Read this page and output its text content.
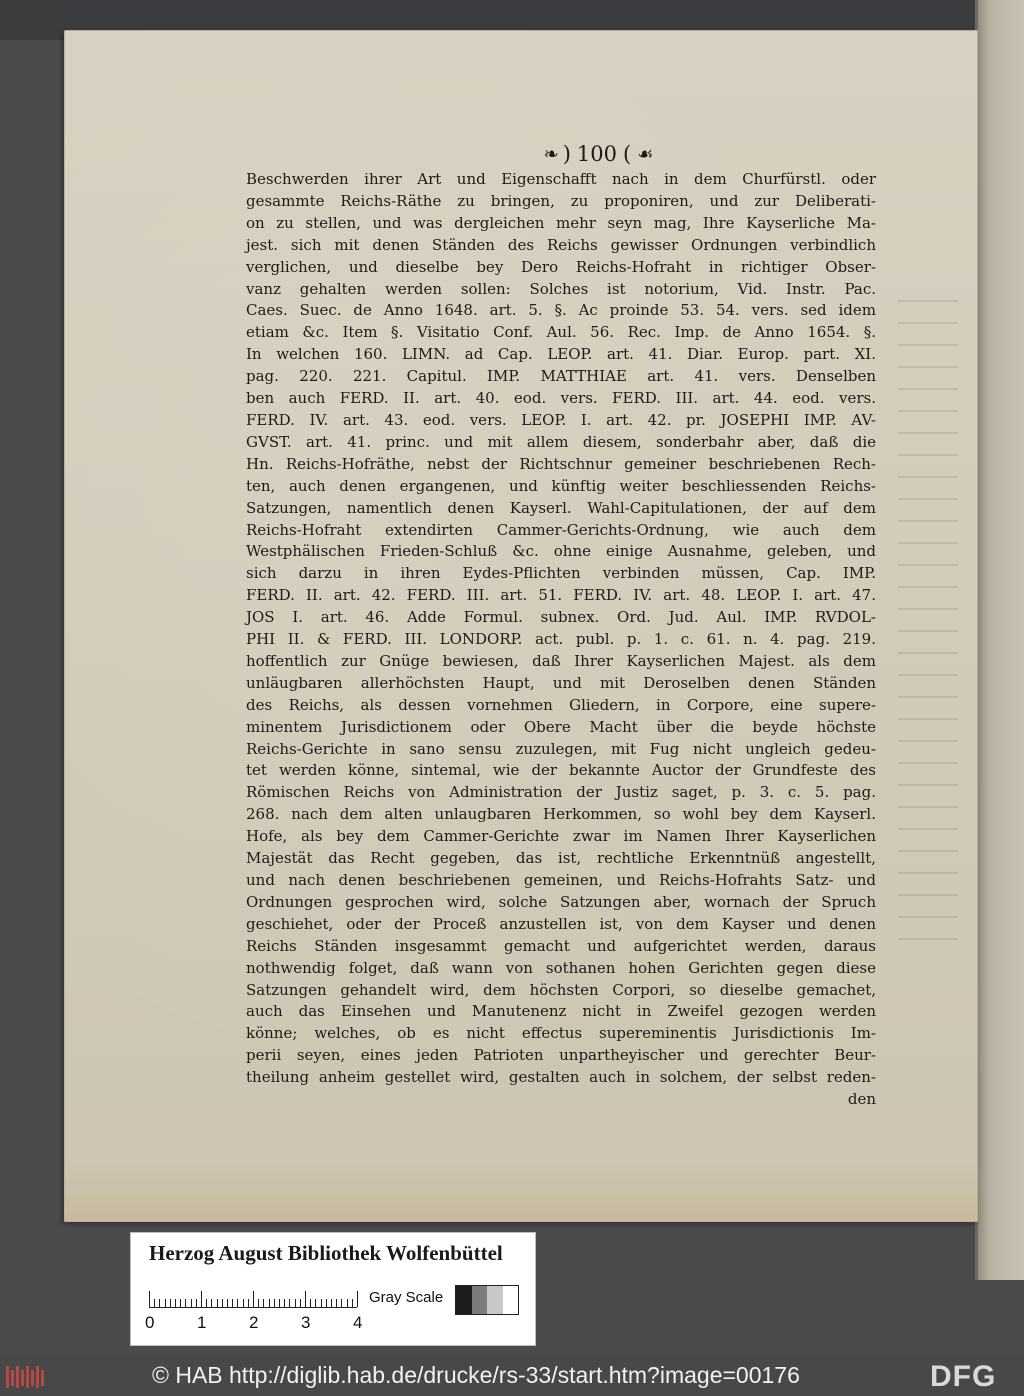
❧ ) 100 ( ☙
Beschwerden ihrer Art und Eigenschafft nach in dem Churfürstl. oder
gesammte Reichs-Räthe zu bringen, zu proponiren, und zur Deliberati-
on zu stellen, und was dergleichen mehr seyn mag, Ihre Kayserliche Ma-
jest. sich mit denen Ständen des Reichs gewisser Ordnungen verbindlich
verglichen, und dieselbe bey Dero Reichs-Hofraht in richtiger Obser-
vanz gehalten werden sollen: Solches ist notorium, Vid. Instr. Pac.
Caes. Suec. de Anno 1648. art. 5. §. Ac proinde 53. 54. vers. sed idem
etiam &c. Item §. Visitatio Conf. Aul. 56. Rec. Imp. de Anno 1654. §.
In welchen 160. LIMN. ad Cap. LEOP. art. 41. Diar. Europ. part. XI.
pag. 220. 221. Capitul. IMP. MATTHIAE art. 41. vers. Denselben
ben auch FERD. II. art. 40. eod. vers. FERD. III. art. 44. eod. vers.
FERD. IV. art. 43. eod. vers. LEOP. I. art. 42. pr. JOSEPHI IMP. AV-
GVST. art. 41. princ. und mit allem diesem, sonderbahr aber, daß die
Hn. Reichs-Hofräthe, nebst der Richtschnur gemeiner beschriebenen Rech-
ten, auch denen ergangenen, und künftig weiter beschliessenden Reichs-
Satzungen, namentlich denen Kayserl. Wahl-Capitulationen, der auf dem
Reichs-Hofraht extendirten Cammer-Gerichts-Ordnung, wie auch dem
Westphälischen Frieden-Schluß &c. ohne einige Ausnahme, geleben, und
sich darzu in ihren Eydes-Pflichten verbinden müssen, Cap. IMP.
FERD. II. art. 42. FERD. III. art. 51. FERD. IV. art. 48. LEOP. I. art. 47.
JOS I. art. 46. Adde Formul. subnex. Ord. Jud. Aul. IMP. RVDOL-
PHI II. & FERD. III. LONDORP. act. publ. p. 1. c. 61. n. 4. pag. 219.
hoffentlich zur Gnüge bewiesen, daß Ihrer Kayserlichen Majest. als dem
unläugbaren allerhöchsten Haupt, und mit Deroselben denen Ständen
des Reichs, als dessen vornehmen Gliedern, in Corpore, eine supere-
minentem Jurisdictionem oder Obere Macht über die beyde höchste
Reichs-Gerichte in sano sensu zuzulegen, mit Fug nicht ungleich gedeu-
tet werden könne, sintemal, wie der bekannte Auctor der Grundfeste des
Römischen Reichs von Administration der Justiz saget, p. 3. c. 5. pag.
268. nach dem alten unlaugbaren Herkommen, so wohl bey dem Kayserl.
Hofe, als bey dem Cammer-Gerichte zwar im Namen Ihrer Kayserlichen
Majestät das Recht gegeben, das ist, rechtliche Erkenntnüß angestellt,
und nach denen beschriebenen gemeinen, und Reichs-Hofrahts Satz- und
Ordnungen gesprochen wird, solche Satzungen aber, wornach der Spruch
geschiehet, oder der Proceß anzustellen ist, von dem Kayser und denen
Reichs Ständen insgesammt gemacht und aufgerichtet werden, daraus
nothwendig folget, daß wann von sothanen hohen Gerichten gegen diese
Satzungen gehandelt wird, dem höchsten Corpori, so dieselbe gemachet,
auch das Einsehen und Manutenenz nicht in Zweifel gezogen werden
könne; welches, ob es nicht effectus supereminentis Jurisdictionis Im-
perii seyen, eines jeden Patrioten unpartheyischer und gerechter Beur-
theilung anheim gestellet wird, gestalten auch in solchem, der selbst reden-
den
Herzog August Bibliothek Wolfenbüttel
0	1	2	3	4
Gray Scale
© HAB http://diglib.hab.de/drucke/rs-33/start.htm?image=00176	DFG
